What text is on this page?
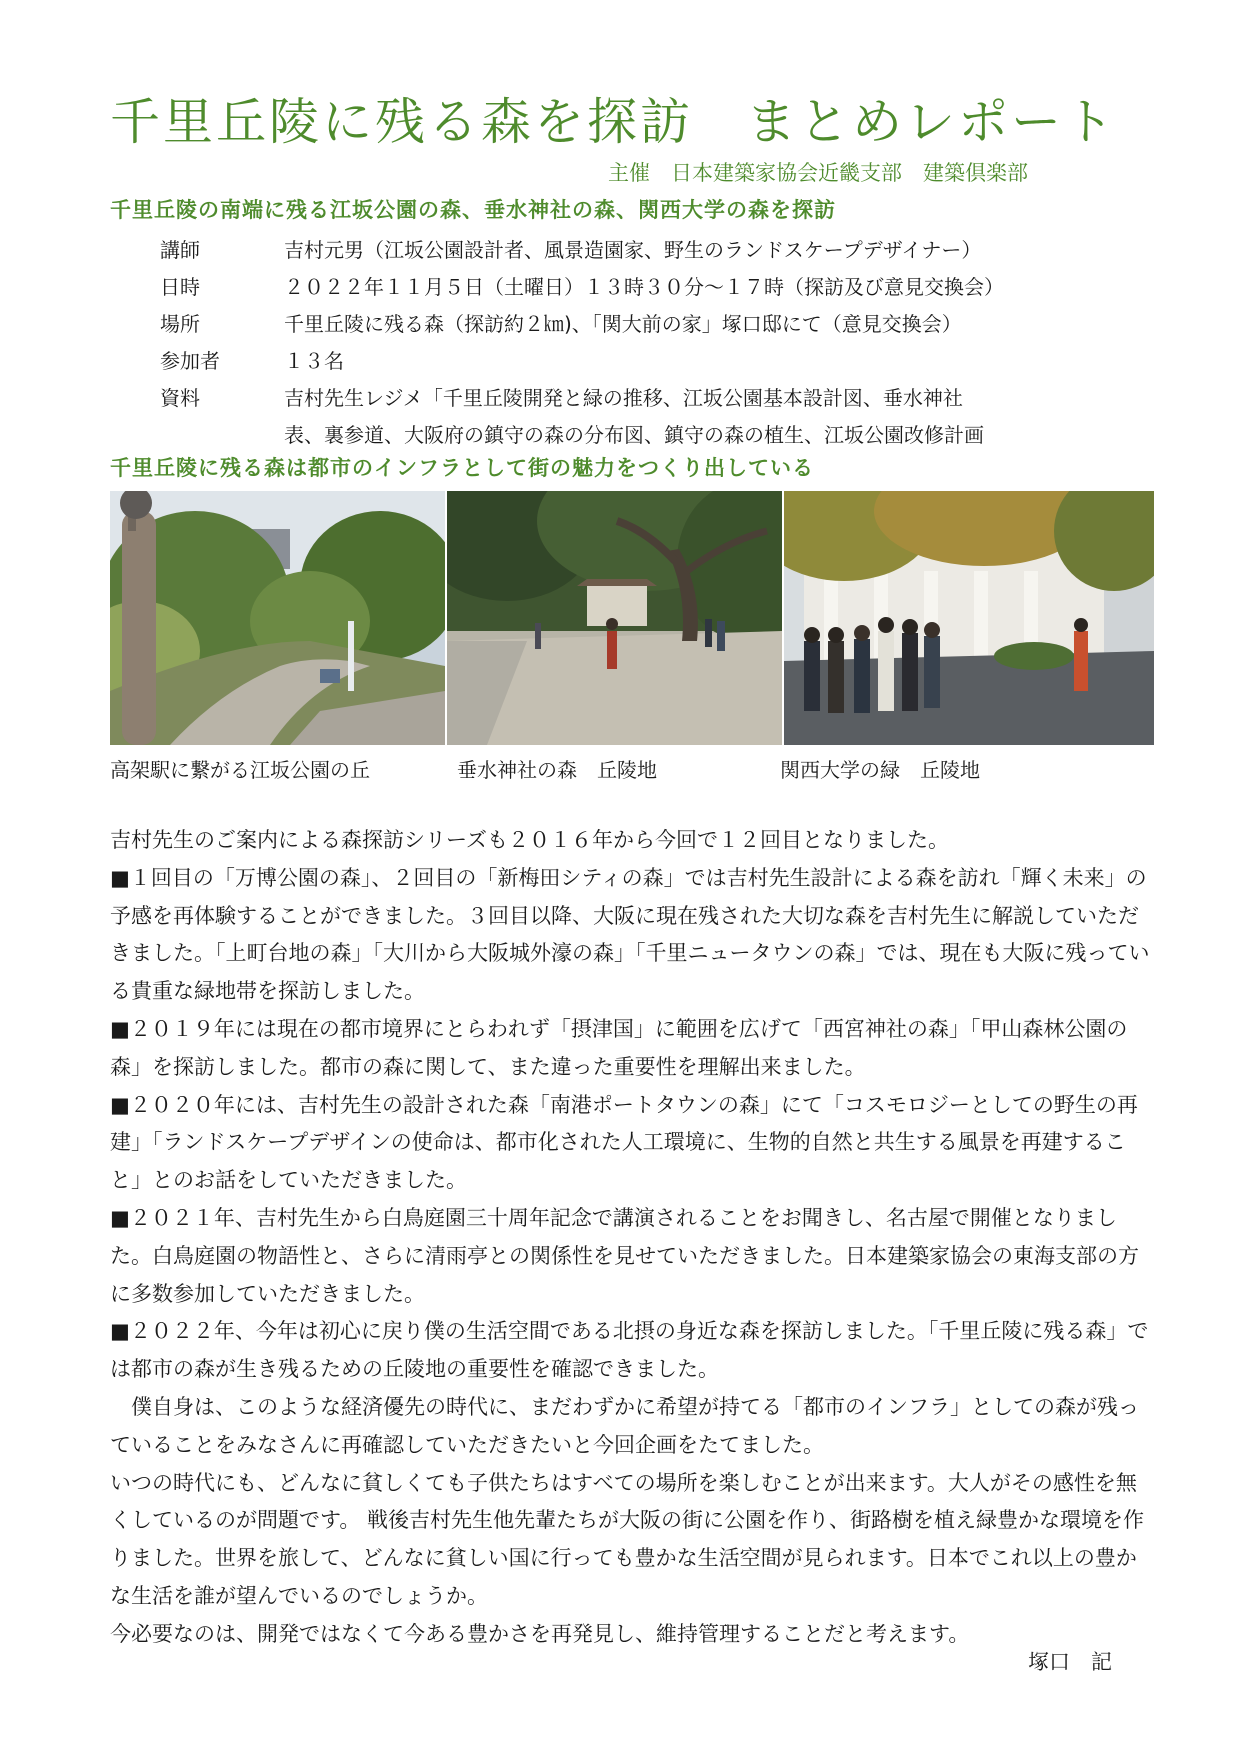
千里丘陵に残る森を探訪　まとめレポート
主催　日本建築家協会近畿支部　建築倶楽部
千里丘陵の南端に残る江坂公園の森、垂水神社の森、関西大学の森を探訪
講師	吉村元男（江坂公園設計者、風景造園家、野生のランドスケープデザイナー）
日時	２０２２年１１月５日（土曜日）１３時３０分～１７時（探訪及び意見交換会）
場所	千里丘陵に残る森（探訪約２㎞)、「関大前の家」塚口邸にて（意見交換会）
参加者	１３名
資料	吉村先生レジメ「千里丘陵開発と緑の推移、江坂公園基本設計図、垂水神社
表、裏参道、大阪府の鎮守の森の分布図、鎮守の森の植生、江坂公園改修計画
千里丘陵に残る森は都市のインフラとして街の魅力をつくり出している
高架駅に繋がる江坂公園の丘	垂水神社の森　丘陵地	関西大学の緑　丘陵地

吉村先生のご案内による森探訪シリーズも２０１６年から今回で１２回目となりました。

■１回目の「万博公園の森」、２回目の「新梅田シティの森」では吉村先生設計による森を訪れ「輝く未来」の予感を再体験することができました。３回目以降、大阪に現在残された大切な森を吉村先生に解説していただきました。「上町台地の森」「大川から大阪城外濠の森」「千里ニュータウンの森」では、現在も大阪に残っている貴重な緑地帯を探訪しました。

■２０１９年には現在の都市境界にとらわれず「摂津国」に範囲を広げて「西宮神社の森」「甲山森林公園の森」を探訪しました。都市の森に関して、また違った重要性を理解出来ました。

■２０２０年には、吉村先生の設計された森「南港ポートタウンの森」にて「コスモロジーとしての野生の再建」「ランドスケープデザインの使命は、都市化された人工環境に、生物的自然と共生する風景を再建すること」とのお話をしていただきました。

■２０２１年、吉村先生から白鳥庭園三十周年記念で講演されることをお聞きし、名古屋で開催となりました。白鳥庭園の物語性と、さらに清雨亭との関係性を見せていただきました。日本建築家協会の東海支部の方に多数参加していただきました。

■２０２２年、今年は初心に戻り僕の生活空間である北摂の身近な森を探訪しました。「千里丘陵に残る森」では都市の森が生き残るための丘陵地の重要性を確認できました。

　僕自身は、このような経済優先の時代に、まだわずかに希望が持てる「都市のインフラ」としての森が残っていることをみなさんに再確認していただきたいと今回企画をたてました。

いつの時代にも、どんなに貧しくても子供たちはすべての場所を楽しむことが出来ます。大人がその感性を無くしているのが問題です。 戦後吉村先生他先輩たちが大阪の街に公園を作り、街路樹を植え緑豊かな環境を作りました。世界を旅して、どんなに貧しい国に行っても豊かな生活空間が見られます。日本でこれ以上の豊かな生活を誰が望んでいるのでしょうか。

今必要なのは、開発ではなくて今ある豊かさを再発見し、維持管理することだと考えます。

塚口　記
